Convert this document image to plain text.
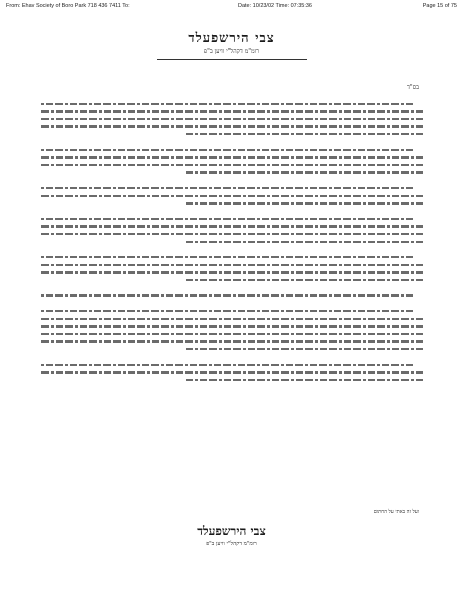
From: Ehav Society of Boro Park 718 436 7411 To:	Date: 10/23/02 Time: 07:35:36	Page 15 of 75
צבי הירשפעלד
רומ"מ דקהל"י וויען ב"פ
בס"ד
ועל זה באתי על החתום
צבי הירשפעלד
רומ"מ דקהל"י וויען ב"פ
